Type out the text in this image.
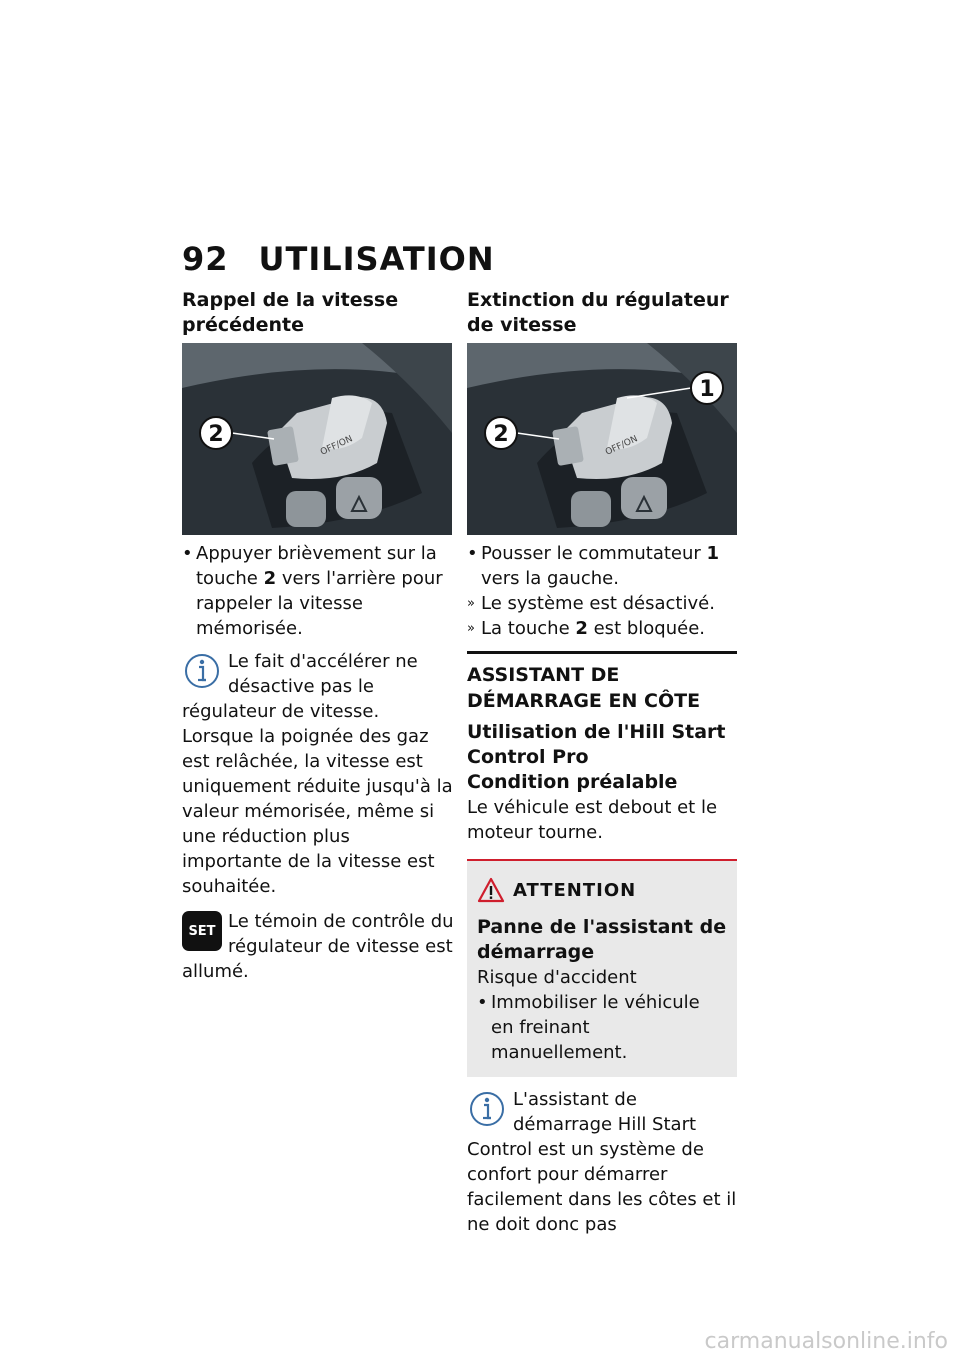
92 UTILISATION
Rappel de la vitesse précédente
OFF/ON
2
• Appuyer brièvement sur la touche 2 vers l'arrière pour rappeler la vitesse mémorisée.

Le fait d'accélérer ne désactive pas le régulateur de vitesse. Lorsque la poignée des gaz est relâchée, la vitesse est uniquement réduite jusqu'à la valeur mémorisée, même si une réduction plus importante de la vitesse est souhaitée.

SET Le témoin de contrôle du régulateur de vitesse est allumé.

Extinction du régulateur de vitesse
OFF/ON
2
1
• Pousser le commutateur 1 vers la gauche.

» Le système est désactivé.

» La touche 2 est bloquée.

ASSISTANT DE DÉMARRAGE EN CÔTE

Utilisation de l'Hill Start Control Pro
Condition préalable

Le véhicule est debout et le moteur tourne.

ATTENTION
Panne de l'assistant de démarrage

Risque d'accident

• Immobiliser le véhicule en freinant manuellement.

L'assistant de démarrage Hill Start Control est un système de confort pour démarrer facilement dans les côtes et il ne doit donc pas

carmanualsonline.info
